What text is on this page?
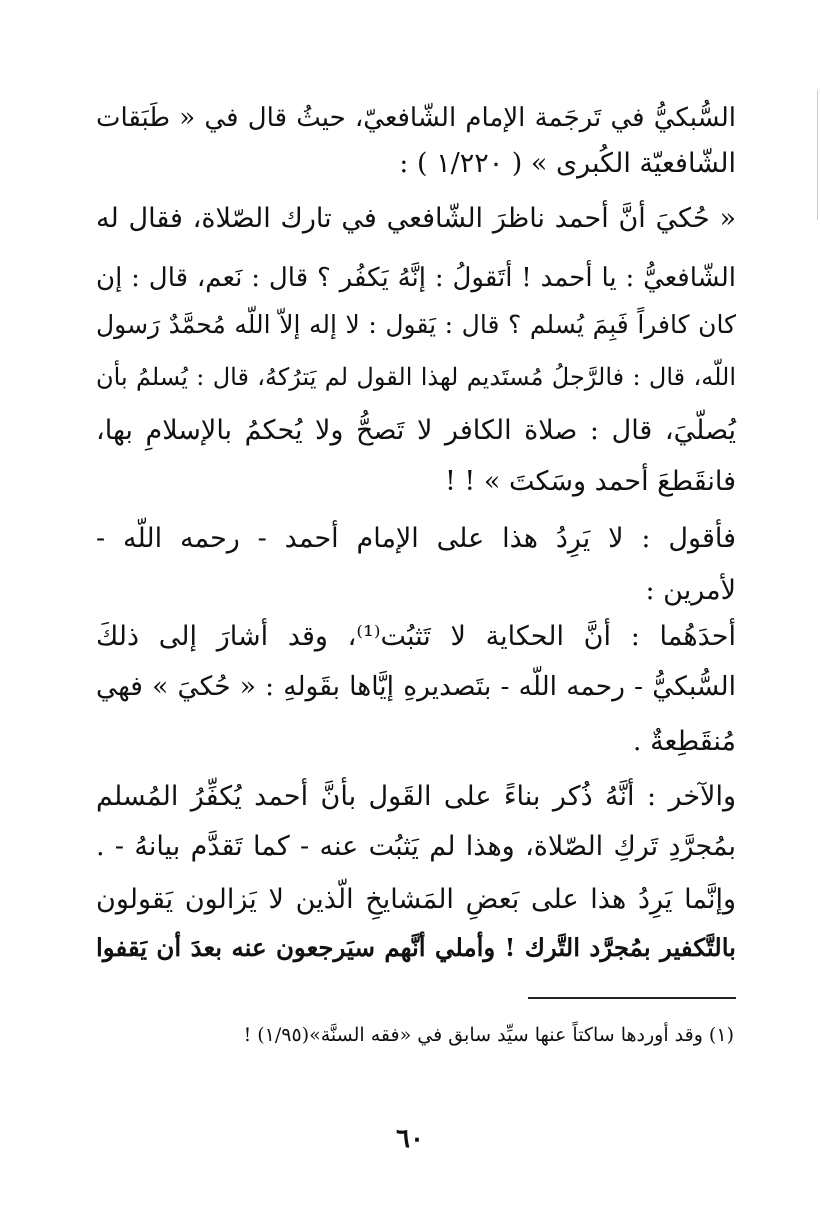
السُّبكيُّ في تَرجَمة الإمام الشّافعيّ، حيثُ قال في « طَبَقات
الشّافعيّة الكُبرى » ( ١/٢٢٠ ) :
« حُكيَ أنَّ أحمد ناظرَ الشّافعي في تارك الصّلاة، فقال له
الشّافعيُّ : يا أحمد ! أتَقولُ : إنَّهُ يَكفُر ؟ قال : نَعم، قال : إن
كان كافراً فَبِمَ يُسلم ؟ قال : يَقول : لا إله إلاّ اللّه مُحمَّدٌ رَسول
اللّه، قال : فالرَّجلُ مُستَديم لهذا القول لم يَترُكهُ، قال : يُسلمُ بأن
يُصلّيَ، قال : صلاة الكافر لا تَصحُّ ولا يُحكمُ بالإسلامِ بها،
فانقَطعَ أحمد وسَكتَ » ! !
فأقول : لا يَرِدُ هذا على الإمام أحمد - رحمه اللّه -
لأمرين :
أحدَهُما : أنَّ الحكاية لا تَثبُت⁽¹⁾، وقد أشارَ إلى ذلكَ
السُّبكيُّ - رحمه اللّه - بتَصديرهِ إيَّاها بقَولهِ : « حُكيَ » فهي
مُنقَطِعةٌ .
والآخر : أنَّهُ ذُكر بناءً على القَول بأنَّ أحمد يُكفِّرُ المُسلم
بمُجرَّدِ تَركِ الصّلاة، وهذا لم يَثبُت عنه - كما تَقدَّم بيانهُ - .
وإنَّما يَرِدُ هذا على بَعضِ المَشايخِ الّذين لا يَزالون يَقولون
بالتَّكفير بمُجرَّد التَّرك ! وأملي أنَّهم سيَرجعون عنه بعدَ أن يَقفوا
(١) وقد أوردها ساكتاً عنها سيِّد سابق في «فقه السنَّة»(١/٩٥) !
٦٠
